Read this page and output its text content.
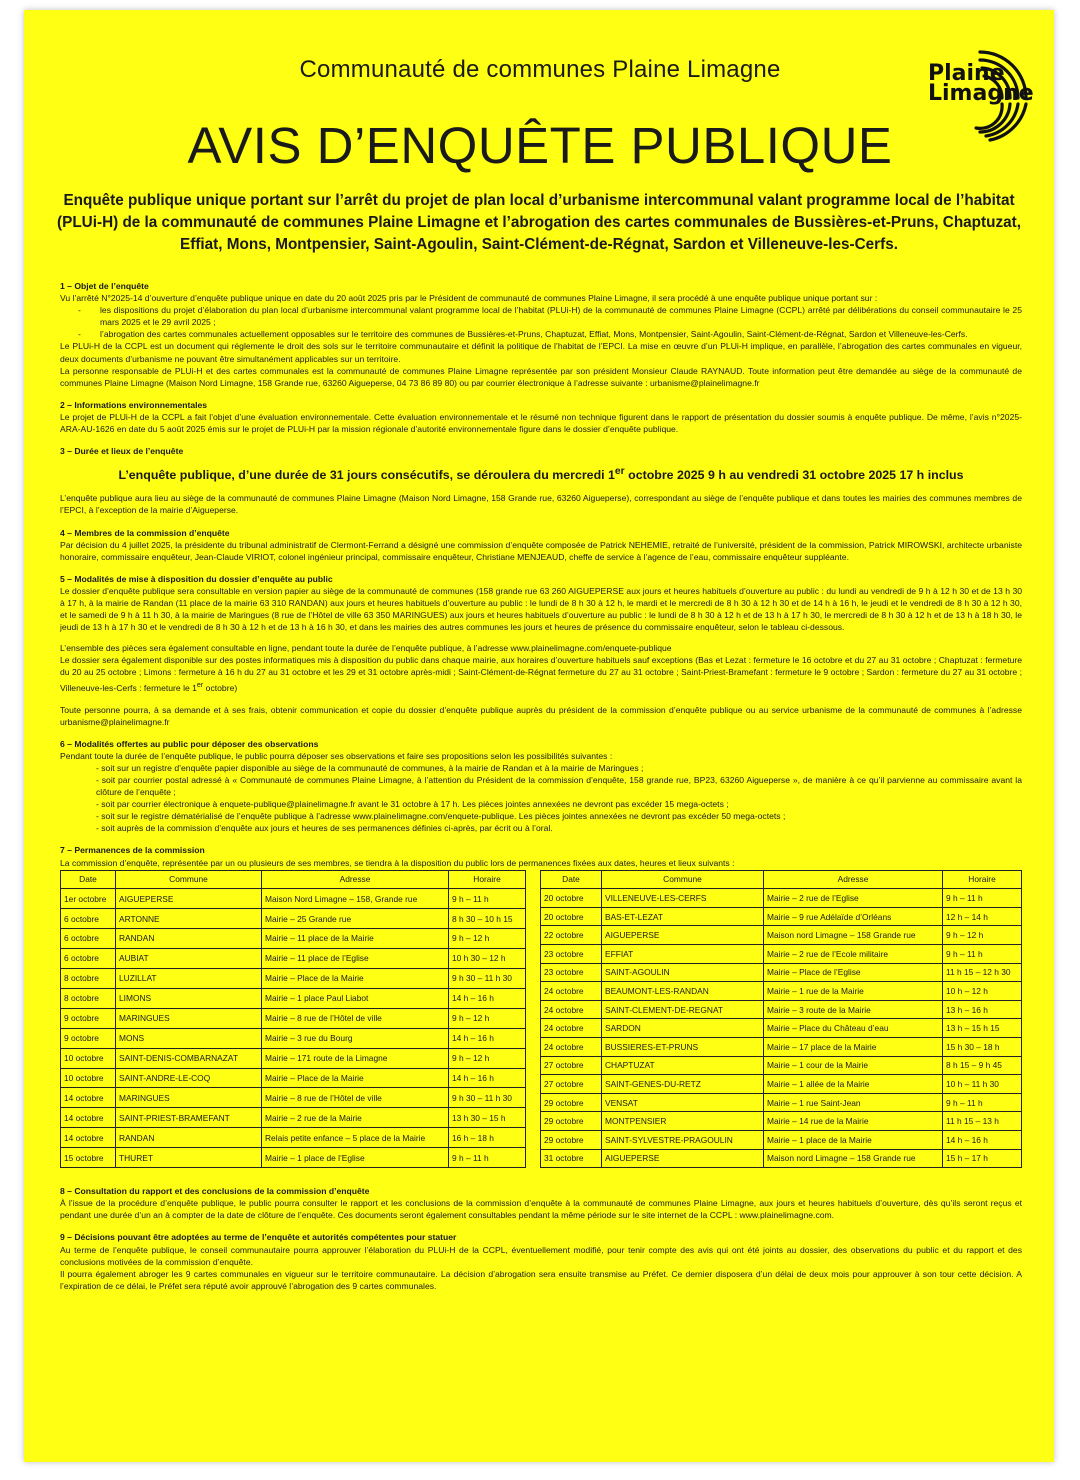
Communauté de communes Plaine Limagne
AVIS D’ENQUÊTE PUBLIQUE
Plaine
Limagne
Enquête publique unique portant sur l’arrêt du projet de plan local d’urbanisme intercommunal valant programme local de l’habitat (PLUi-H) de la communauté de communes Plaine Limagne et l’abrogation des cartes communales de Bussières-et-Pruns, Chaptuzat, Effiat, Mons, Montpensier, Saint-Agoulin, Saint-Clément-de-Régnat, Sardon et Villeneuve-les-Cerfs.

1 – Objet de l’enquête

Vu l’arrêté N°2025-14 d’ouverture d’enquête publique unique en date du 20 août 2025 pris par le Président de communauté de communes Plaine Limagne, il sera procédé à une enquête publique unique portant sur :

- les dispositions du projet d’élaboration du plan local d’urbanisme intercommunal valant programme local de l’habitat (PLUi-H) de la communauté de communes Plaine Limagne (CCPL) arrêté par délibérations du conseil communautaire le 25 mars 2025 et le 29 avril 2025 ;

- l’abrogation des cartes communales actuellement opposables sur le territoire des communes de Bussières-et-Pruns, Chaptuzat, Effiat, Mons, Montpensier, Saint-Agoulin, Saint-Clément-de-Régnat, Sardon et Villeneuve-les-Cerfs.

Le PLUi-H de la CCPL est un document qui réglemente le droit des sols sur le territoire communautaire et définit la politique de l’habitat de l’EPCI. La mise en œuvre d’un PLUi-H implique, en parallèle, l’abrogation des cartes communales en vigueur, deux documents d’urbanisme ne pouvant être simultanément applicables sur un territoire.

La personne responsable de PLUi-H et des cartes communales est la communauté de communes Plaine Limagne représentée par son président Monsieur Claude RAYNAUD. Toute information peut être demandée au siège de la communauté de communes Plaine Limagne (Maison Nord Limagne, 158 Grande rue, 63260 Aigueperse, 04 73 86 89 80) ou par courrier électronique à l’adresse suivante : urbanisme@plainelimagne.fr

2 – Informations environnementales

Le projet de PLUi-H de la CCPL a fait l’objet d’une évaluation environnementale. Cette évaluation environnementale et le résumé non technique figurent dans le rapport de présentation du dossier soumis à enquête publique. De même, l’avis n°2025-ARA-AU-1626 en date du 5 août 2025 émis sur le projet de PLUi-H par la mission régionale d’autorité environnementale figure dans le dossier d’enquête publique.

3 – Durée et lieux de l’enquête

L’enquête publique, d’une durée de 31 jours consécutifs, se déroulera du mercredi 1er octobre 2025 9 h au vendredi 31 octobre 2025 17 h inclus

L’enquête publique aura lieu au siège de la communauté de communes Plaine Limagne (Maison Nord Limagne, 158 Grande rue, 63260 Aigueperse), correspondant au siège de l’enquête publique et dans toutes les mairies des communes membres de l’EPCI, à l’exception de la mairie d’Aigueperse.

4 – Membres de la commission d’enquête

Par décision du 4 juillet 2025, la présidente du tribunal administratif de Clermont-Ferrand a désigné une commission d’enquête composée de Patrick NEHEMIE, retraité de l’université, président de la commission, Patrick MIROWSKI, architecte urbaniste honoraire, commissaire enquêteur, Jean-Claude VIRIOT, colonel ingénieur principal, commissaire enquêteur, Christiane MENJEAUD, cheffe de service à l’agence de l’eau, commissaire enquêteur suppléante.

5 – Modalités de mise à disposition du dossier d’enquête au public

Le dossier d’enquête publique sera consultable en version papier au siège de la communauté de communes (158 grande rue 63 260 AIGUEPERSE aux jours et heures habituels d’ouverture au public : du lundi au vendredi de 9 h à 12 h 30 et de 13 h 30 à 17 h, à la mairie de Randan (11 place de la mairie 63 310 RANDAN) aux jours et heures habituels d’ouverture au public : le lundi de 8 h 30 à 12 h, le mardi et le mercredi de 8 h 30 à 12 h 30 et de 14 h à 16 h, le jeudi et le vendredi de 8 h 30 à 12 h 30, et le samedi de 9 h à 11 h 30, à la mairie de Maringues (8 rue de l’Hôtel de ville 63 350 MARINGUES) aux jours et heures habituels d’ouverture au public : le lundi de 8 h 30 à 12 h et de 13 h à 17 h 30, le mercredi de 8 h 30 à 12 h et de 13 h à 18 h 30, le jeudi de 13 h à 17 h 30 et le vendredi de 8 h 30 à 12 h et de 13 h à 16 h 30, et dans les mairies des autres communes les jours et heures de présence du commissaire enquêteur, selon le tableau ci-dessous.

L’ensemble des pièces sera également consultable en ligne, pendant toute la durée de l’enquête publique, à l’adresse www.plainelimagne.com/enquete-publique

Le dossier sera également disponible sur des postes informatiques mis à disposition du public dans chaque mairie, aux horaires d’ouverture habituels sauf exceptions (Bas et Lezat : fermeture le 16 octobre et du 27 au 31 octobre ; Chaptuzat : fermeture du 20 au 25 octobre ; Limons : fermeture à 16 h du 27 au 31 octobre et les 29 et 31 octobre après-midi ; Saint-Clément-de-Régnat fermeture du 27 au 31 octobre ; Saint-Priest-Bramefant : fermeture le 9 octobre ; Sardon : fermeture du 27 au 31 octobre ; Villeneuve-les-Cerfs : fermeture le 1er octobre)

Toute personne pourra, à sa demande et à ses frais, obtenir communication et copie du dossier d’enquête publique auprès du président de la commission d’enquête publique ou au service urbanisme de la communauté de communes à l’adresse urbanisme@plainelimagne.fr

6 – Modalités offertes au public pour déposer des observations

Pendant toute la durée de l’enquête publique, le public pourra déposer ses observations et faire ses propositions selon les possibilités suivantes :

- soit sur un registre d’enquête papier disponible au siège de la communauté de communes, à la mairie de Randan et à la mairie de Maringues ;

- soit par courrier postal adressé à « Communauté de communes Plaine Limagne, à l’attention du Président de la commission d’enquête, 158 grande rue, BP23, 63260 Aigueperse », de manière à ce qu’il parvienne au commissaire avant la clôture de l’enquête ;

- soit par courrier électronique à enquete-publique@plainelimagne.fr avant le 31 octobre à 17 h. Les pièces jointes annexées ne devront pas excéder 15 mega-octets ;

- soit sur le registre dématérialisé de l’enquête publique à l’adresse www.plainelimagne.com/enquete-publique. Les pièces jointes annexées ne devront pas excéder 50 mega-octets ;

- soit auprès de la commission d’enquête aux jours et heures de ses permanences définies ci-après, par écrit ou à l’oral.

7 – Permanences de la commission

La commission d’enquête, représentée par un ou plusieurs de ses membres, se tiendra à la disposition du public lors de permanences fixées aux dates, heures et lieux suivants :

Date	Commune	Adresse	Horaire
1er octobre	AIGUEPERSE	Maison Nord Limagne – 158, Grande rue	9 h – 11 h
6 octobre	ARTONNE	Mairie – 25 Grande rue	8 h 30 – 10 h 15
6 octobre	RANDAN	Mairie – 11 place de la Mairie	9 h – 12 h
6 octobre	AUBIAT	Mairie – 11 place de l’Eglise	10 h 30 – 12 h
8 octobre	LUZILLAT	Mairie – Place de la Mairie	9 h 30 – 11 h 30
8 octobre	LIMONS	Mairie – 1 place Paul Liabot	14 h – 16 h
9 octobre	MARINGUES	Mairie – 8 rue de l’Hôtel de ville	9 h – 12 h
9 octobre	MONS	Mairie – 3 rue du Bourg	14 h – 16 h
10 octobre	SAINT-DENIS-COMBARNAZAT	Mairie – 171 route de la Limagne	9 h – 12 h
10 octobre	SAINT-ANDRE-LE-COQ	Mairie – Place de la Mairie	14 h – 16 h
14 octobre	MARINGUES	Mairie – 8 rue de l’Hôtel de ville	9 h 30 – 11 h 30
14 octobre	SAINT-PRIEST-BRAMEFANT	Mairie – 2 rue de la Mairie	13 h 30 – 15 h
14 octobre	RANDAN	Relais petite enfance – 5 place de la Mairie	16 h – 18 h
15 octobre	THURET	Mairie – 1 place de l’Eglise	9 h – 11 h
Date	Commune	Adresse	Horaire
20 octobre	VILLENEUVE-LES-CERFS	Mairie – 2 rue de l’Eglise	9 h – 11 h
20 octobre	BAS-ET-LEZAT	Mairie – 9 rue Adélaïde d’Orléans	12 h – 14 h
22 octobre	AIGUEPERSE	Maison nord Limagne – 158 Grande rue	9 h – 12 h
23 octobre	EFFIAT	Mairie – 2 rue de l’Ecole militaire	9 h – 11 h
23 octobre	SAINT-AGOULIN	Mairie – Place de l’Eglise	11 h 15 – 12 h 30
24 octobre	BEAUMONT-LES-RANDAN	Mairie – 1 rue de la Mairie	10 h – 12 h
24 octobre	SAINT-CLEMENT-DE-REGNAT	Mairie – 3 route de la Mairie	13 h – 16 h
24 octobre	SARDON	Mairie – Place du Château d’eau	13 h – 15 h 15
24 octobre	BUSSIERES-ET-PRUNS	Mairie – 17 place de la Mairie	15 h 30 – 18 h
27 octobre	CHAPTUZAT	Mairie – 1 cour de la Mairie	8 h 15 – 9 h 45
27 octobre	SAINT-GENES-DU-RETZ	Mairie – 1 allée de la Mairie	10 h – 11 h 30
29 octobre	VENSAT	Mairie – 1 rue Saint-Jean	9 h – 11 h
29 octobre	MONTPENSIER	Mairie – 14 rue de la Mairie	11 h 15 – 13 h
29 octobre	SAINT-SYLVESTRE-PRAGOULIN	Mairie – 1 place de la Mairie	14 h – 16 h
31 octobre	AIGUEPERSE	Maison nord Limagne – 158 Grande rue	15 h – 17 h

8 – Consultation du rapport et des conclusions de la commission d’enquête

À l’issue de la procédure d’enquête publique, le public pourra consulter le rapport et les conclusions de la commission d’enquête à la communauté de communes Plaine Limagne, aux jours et heures habituels d’ouverture, dès qu’ils seront reçus et pendant une durée d’un an à compter de la date de clôture de l’enquête. Ces documents seront également consultables pendant la même période sur le site internet de la CCPL : www.plainelimagne.com.

9 – Décisions pouvant être adoptées au terme de l’enquête et autorités compétentes pour statuer

Au terme de l’enquête publique, le conseil communautaire pourra approuver l’élaboration du PLUi-H de la CCPL, éventuellement modifié, pour tenir compte des avis qui ont été joints au dossier, des observations du public et du rapport et des conclusions motivées de la commission d’enquête.

Il pourra également abroger les 9 cartes communales en vigueur sur le territoire communautaire. La décision d’abrogation sera ensuite transmise au Préfet. Ce dernier disposera d’un délai de deux mois pour approuver à son tour cette décision. A l’expiration de ce délai, le Préfet sera réputé avoir approuvé l’abrogation des 9 cartes communales.
